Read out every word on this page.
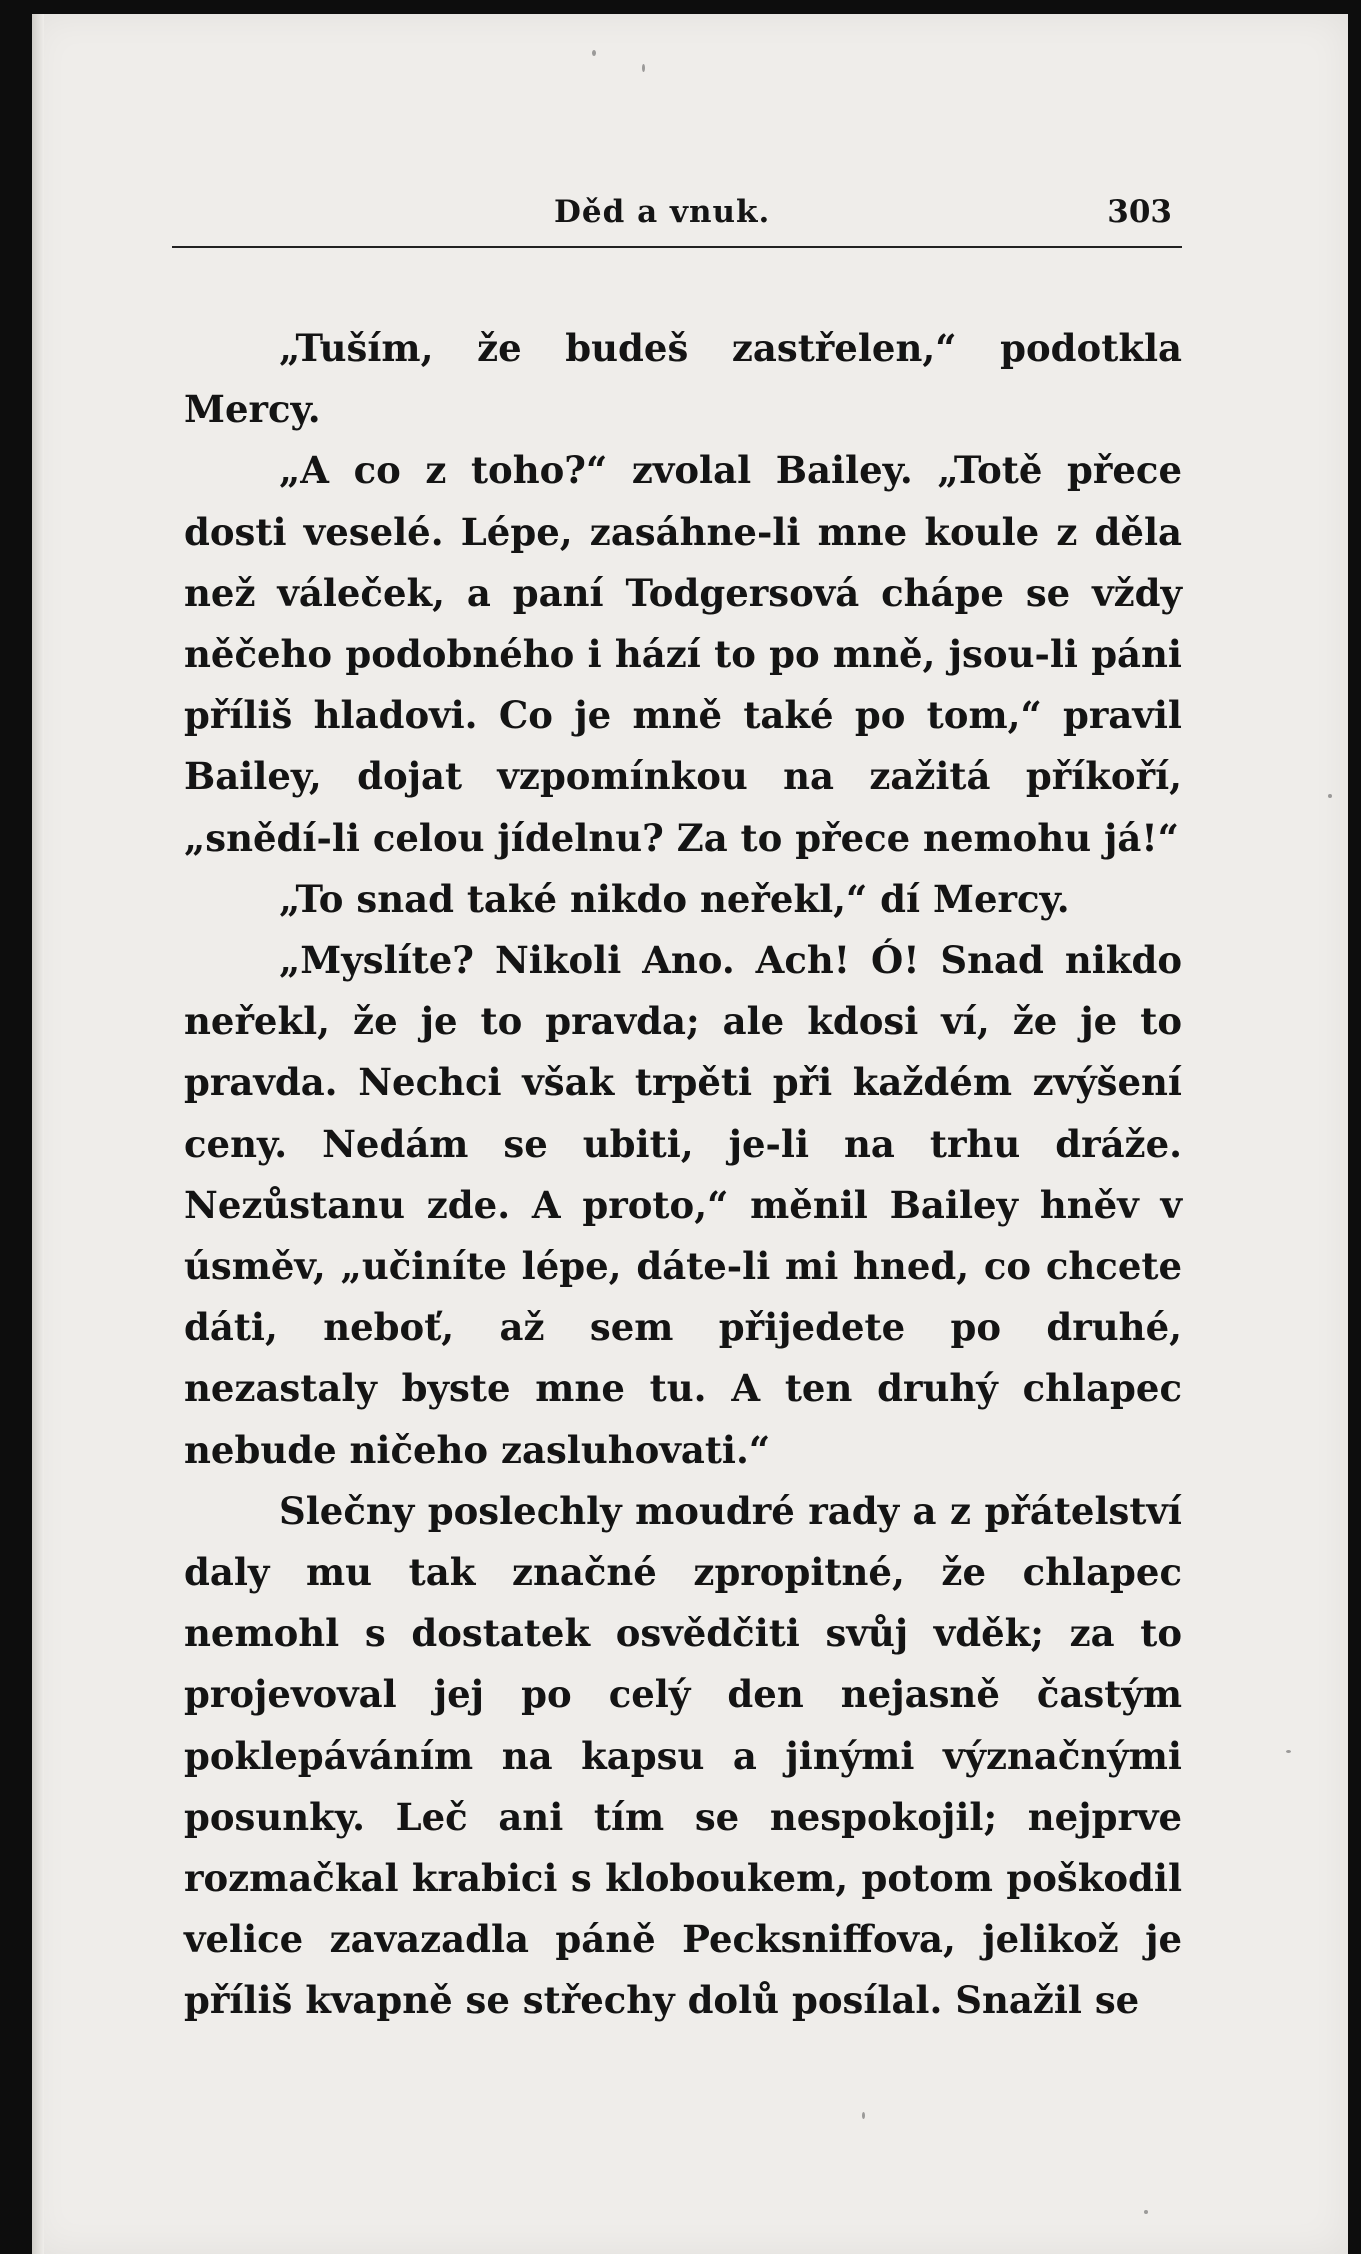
Děd a vnuk.	303

„Tuším, že budeš zastřelen,“ podotkla Mercy.

„A co z toho?“ zvolal Bailey. „Totě přece dosti veselé. Lépe, zasáhne-li mne koule z děla než váleček, a paní Todgersová chápe se vždy něčeho podobného i hází to po mně, jsou-li páni příliš hladovi. Co je mně také po tom,“ pravil Bailey, dojat vzpomínkou na zažitá příkoří, „snědí-li celou jídelnu? Za to přece nemohu já!“

„To snad také nikdo neřekl,“ dí Mercy.

„Myslíte? Nikoli Ano. Ach! Ó! Snad nikdo neřekl, že je to pravda; ale kdosi ví, že je to pravda. Nechci však trpěti při každém zvýšení ceny. Nedám se ubiti, je-li na trhu dráže. Nezůstanu zde. A proto,“ měnil Bailey hněv v úsměv, „učiníte lépe, dáte-li mi hned, co chcete dáti, neboť, až sem přijedete po druhé, nezastaly byste mne tu. A ten druhý chlapec nebude ničeho zasluhovati.“

Slečny poslechly moudré rady a z přátelství daly mu tak značné zpropitné, že chlapec nemohl s dostatek osvědčiti svůj vděk; za to projevoval jej po celý den nejasně častým poklepáváním na kapsu a jinými význačnými posunky. Leč ani tím se nespokojil; nejprve rozmačkal krabici s kloboukem, potom poškodil velice zavazadla páně Pecksniffova, jelikož je příliš kvapně se střechy dolů posílal. Snažil se
